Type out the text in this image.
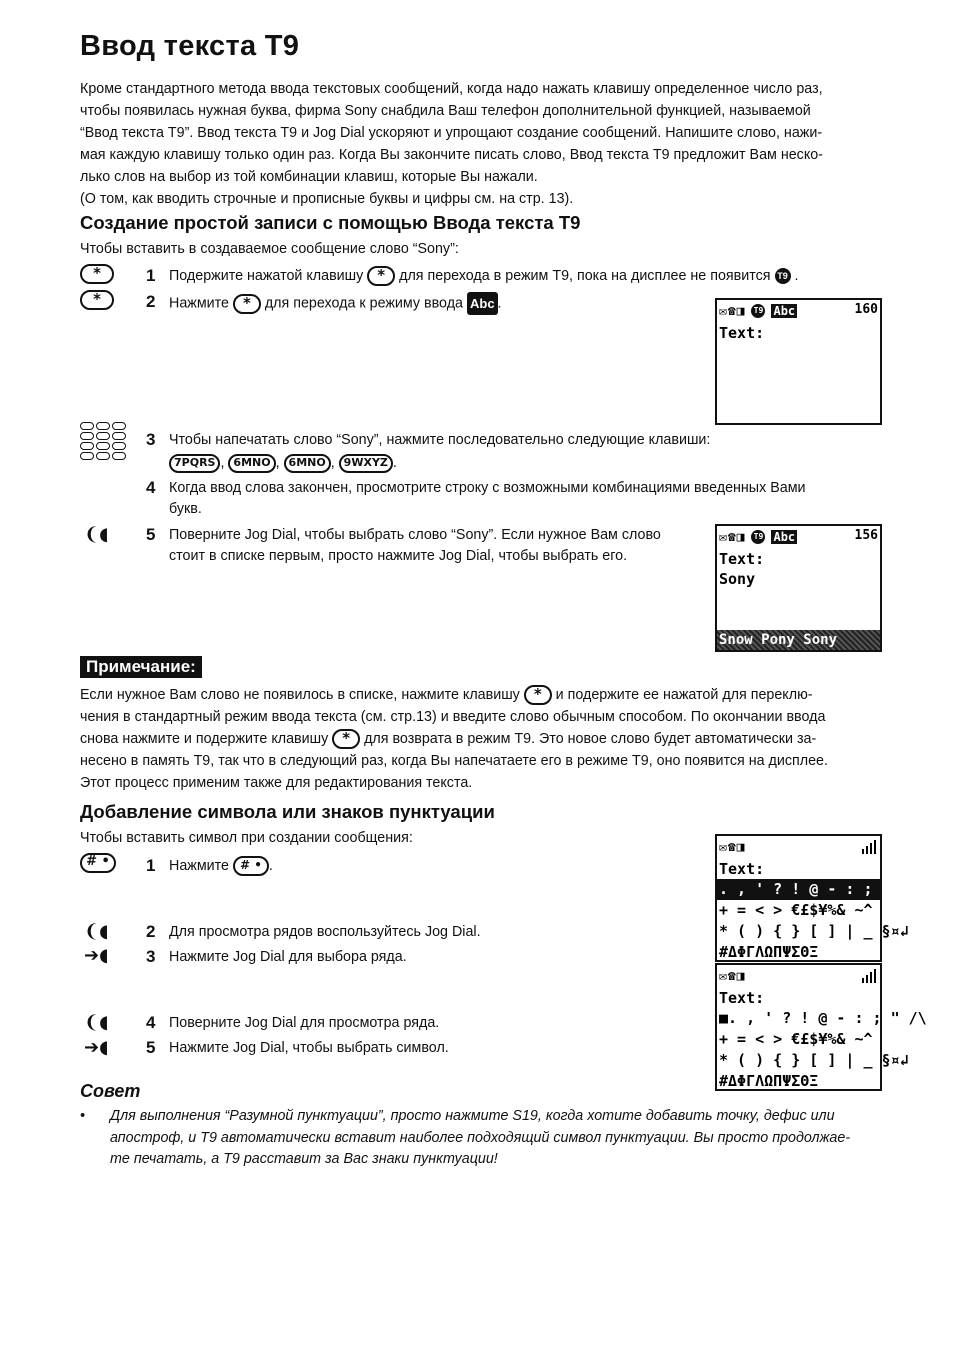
Ввод текста Т9

Кроме стандартного метода ввода текстовых сообщений, когда надо нажать клавишу определенное число раз,

чтобы появилась нужная буква, фирма Sony снабдила Ваш телефон дополнительной функцией, называемой

“Ввод текста Т9”. Ввод текста Т9 и Jog Dial ускоряют и упрощают создание сообщений. Напишите слово, нажи-

мая каждую клавишу только один раз. Когда Вы закончите писать слово, Ввод текста Т9 предложит Вам неско-

лько слов на выбор из той комбинации клавиш, которые Вы нажали.

(О том, как вводить строчные и прописные буквы и цифры см. на стр. 13).

Создание простой записи с помощью Ввода текста Т9
Чтобы вставить в создаваемое сообщение слово “Sony”:
*
*
1 Подержите нажатой клавишу * для перехода в режим Т9, пока на дисплее не появится T9 .
2 Нажмите * для перехода к режиму ввода Abc .	✉☎◨ T9 Abc	160
Text:
3 Чтобы напечатать слово “Sony”, нажмите последовательно следующие клавиши:
7PQRS , 6MNO , 6MNO , 9WXYZ .
4 Когда ввод слова закончен, просмотрите строку с возможными комбинациями введенных Вами
букв.
❨◖ 5 Поверните Jog Dial, чтобы выбрать слово “Sony”. Если нужное Вам слово
стоит в списке первым, просто нажмите Jog Dial, чтобы выбрать его.
✉☎◨ T9 Abc	156
Text:
Sony
Snow Pony Sony
Примечание:

Если нужное Вам слово не появилось в списке, нажмите клавишу * и подержите ее нажатой для переклю-

чения в стандартный режим ввода текста (см. стр.13) и введите слово обычным способом. По окончании ввода

снова нажмите и подержите клавишу * для возврата в режим Т9. Это новое слово будет автоматически за-

несено в память Т9, так что в следующий раз, когда Вы напечатаете его в режиме Т9, оно появится на дисплее.

Этот процесс применим также для редактирования текста.

Добавление символа или знаков пунктуации
Чтобы вставить символ при создании сообщения:
# •	1 Нажмите # • .
❨◖
➔◖
2 Для просмотра рядов воспользуйтесь Jog Dial.
3 Нажмите Jog Dial для выбора ряда.
❨◖
➔◖
4 Поверните Jog Dial для просмотра ряда.
5 Нажмите Jog Dial, чтобы выбрать символ.
✉☎◨
Text:
. , ' ? ! @ - : ; " /\
+ = < > €£$¥%& ~^
* ( ) { } [ ] | _ §¤↲
#ΔΦΓΛΩΠΨΣΘΞ
✉☎◨
Text:
■. , ' ? ! @ - : ; " /\
+ = < > €£$¥%& ~^
* ( ) { } [ ] | _ §¤↲
#ΔΦΓΛΩΠΨΣΘΞ
Совет
• Для выполнения “Разумной пунктуации”, просто нажмите S19, когда хотите добавить точку, дефис или
апостроф, и Т9 автоматически вставит наиболее подходящий символ пунктуации. Вы просто продолжае-
те печатать, а Т9 расставит за Вас знаки пунктуации!
